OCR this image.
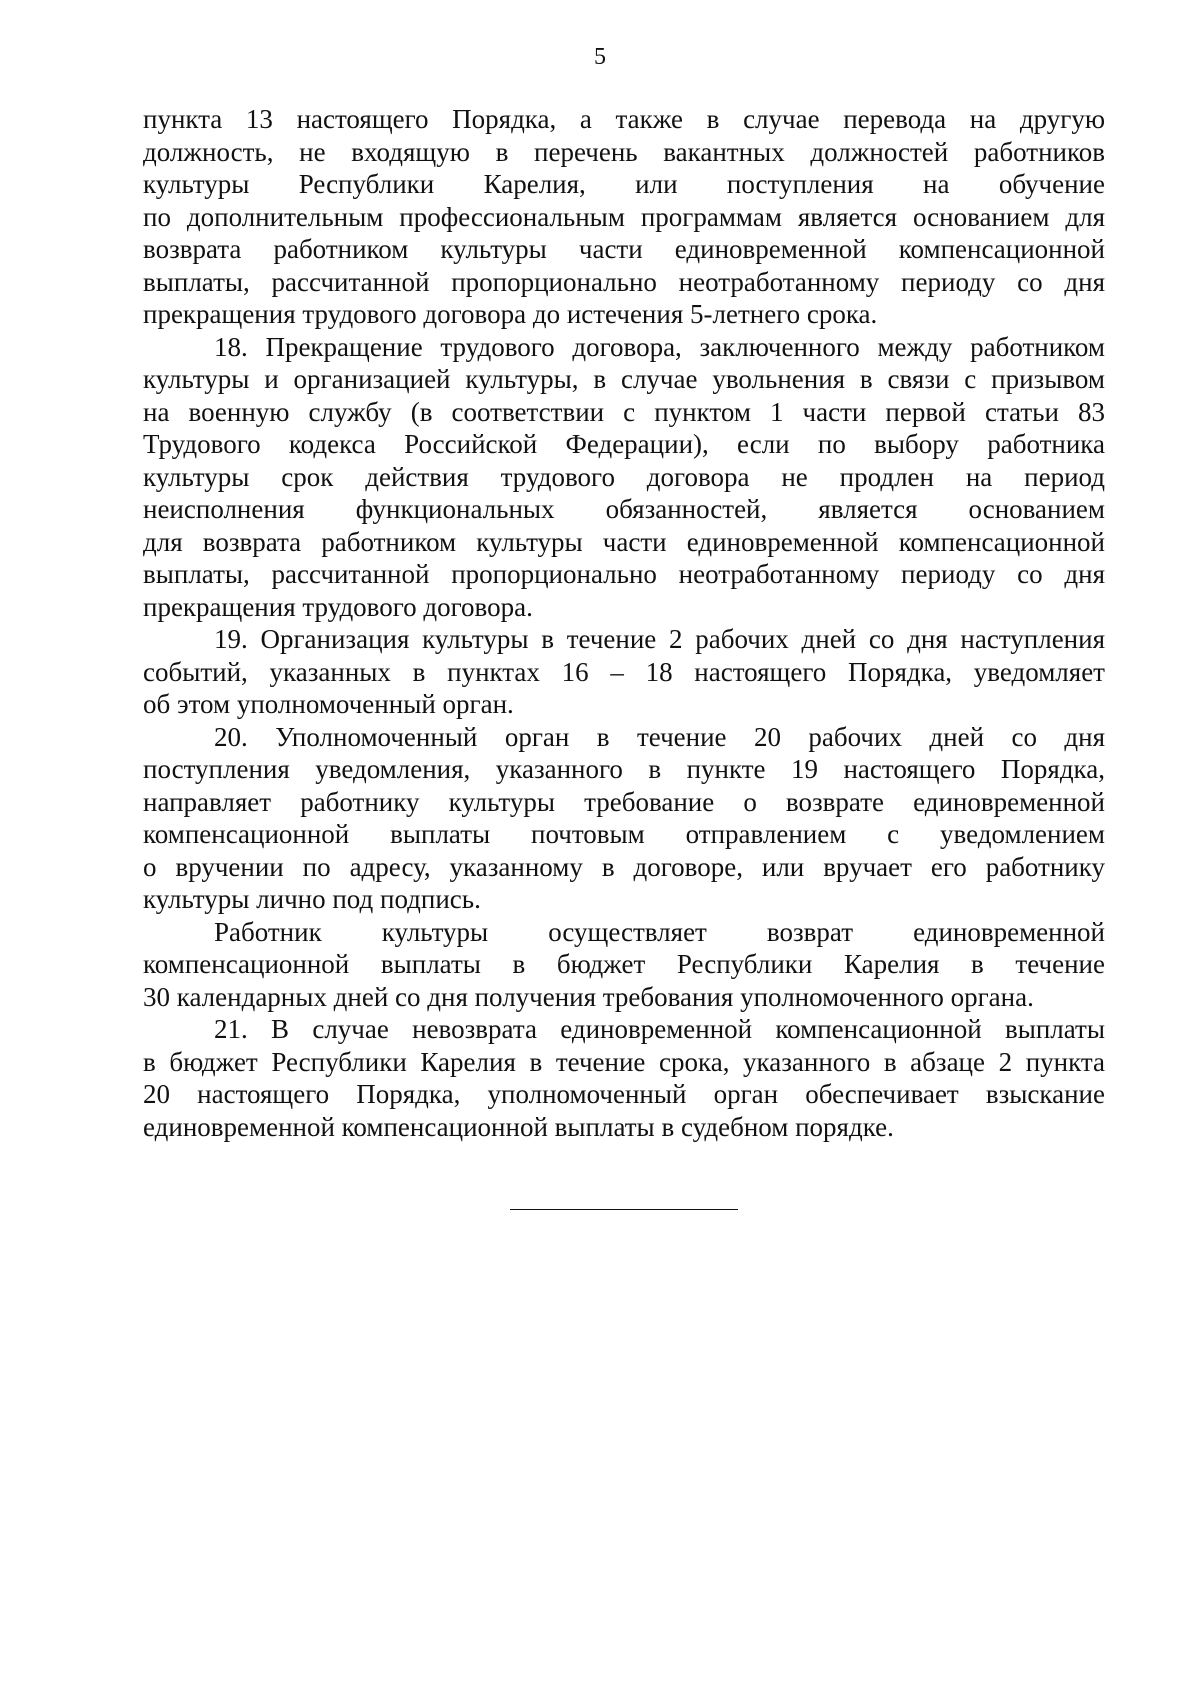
5
пункта 13 настоящего Порядка, а также в случае перевода на другую
должность, не входящую в перечень вакантных должностей работников
культуры Республики Карелия, или поступления на обучение
по дополнительным профессиональным программам является основанием для
возврата работником культуры части единовременной компенсационной
выплаты, рассчитанной пропорционально неотработанному периоду со дня
прекращения трудового договора до истечения 5-летнего срока.
18. Прекращение трудового договора, заключенного между работником
культуры и организацией культуры, в случае увольнения в связи с призывом
на военную службу (в соответствии с пунктом 1 части первой статьи 83
Трудового кодекса Российской Федерации), если по выбору работника
культуры срок действия трудового договора не продлен на период
неисполнения функциональных обязанностей, является основанием
для возврата работником культуры части единовременной компенсационной
выплаты, рассчитанной пропорционально неотработанному периоду со дня
прекращения трудового договора.
19. Организация культуры в течение 2 рабочих дней со дня наступления
событий, указанных в пунктах 16 – 18 настоящего Порядка, уведомляет
об этом уполномоченный орган.
20. Уполномоченный орган в течение 20 рабочих дней со дня
поступления уведомления, указанного в пункте 19 настоящего Порядка,
направляет работнику культуры требование о возврате единовременной
компенсационной выплаты почтовым отправлением с уведомлением
о вручении по адресу, указанному в договоре, или вручает его работнику
культуры лично под подпись.
Работник культуры осуществляет возврат единовременной
компенсационной выплаты в бюджет Республики Карелия в течение
30 календарных дней со дня получения требования уполномоченного органа.
21. В случае невозврата единовременной компенсационной выплаты
в бюджет Республики Карелия в течение срока, указанного в абзаце 2 пункта
20 настоящего Порядка, уполномоченный орган обеспечивает взыскание
единовременной компенсационной выплаты в судебном порядке.
